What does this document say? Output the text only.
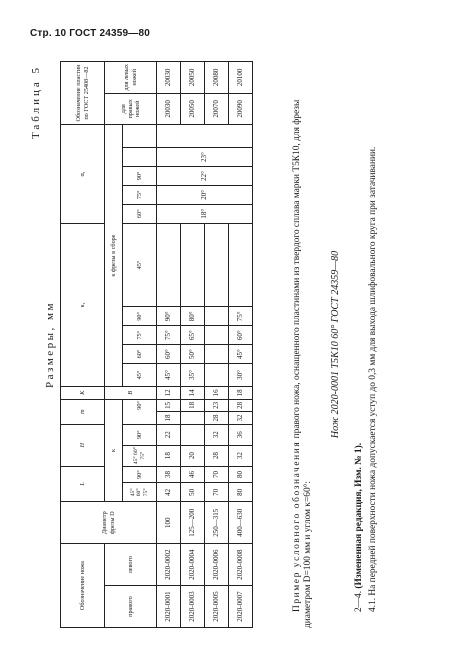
Стр. 10 ГОСТ 24359—80
Таблица 5
Размеры, мм
Обозначение ножа		Диаметр фрезы D	L		H		m		K	κ₁					α₁					Обозначение пластин по ГОСТ 25408—82	
правого	левого		κ						B	κ фрезы в сборе										для правых ножей	для левых ножей
			45° 60° 75°	90°	45° 60° 75°	90°	90°			45°	60°	75°	90°	45°	60°	75°	90°				
2020-0001	2020-0002	100	42	38	18	22	18	15	12	45°	60°	75°	90°		18°	20°	22°	23°		20030	20030
2020-0003	2020-0004	125—200	50	46	20			18	14	35°	50°	65°	80°							20050	20050
2020-0005	2020-0006	250—315	70	70	28	32	28	23	16											20070	20080
2020-0007	2020-0008	400—630	80	80	32	36	32	28	18	30°	45°	60°	75°							20090	20100
Пример условного обозначения правого ножа, оснащенного пластинами из твердого сплава марки Т5К10, для фрезы диаметром D=100 мм и углом κ=60°:
Нож 2020-0001 Т5К10 60° ГОСТ 24359—80
2—4. (Измененная редакция, Изм. № 1). 4.1. На передней поверхности ножа допускается уступ до 0,3 мм для выхода шлифовального круга при затачивании.
